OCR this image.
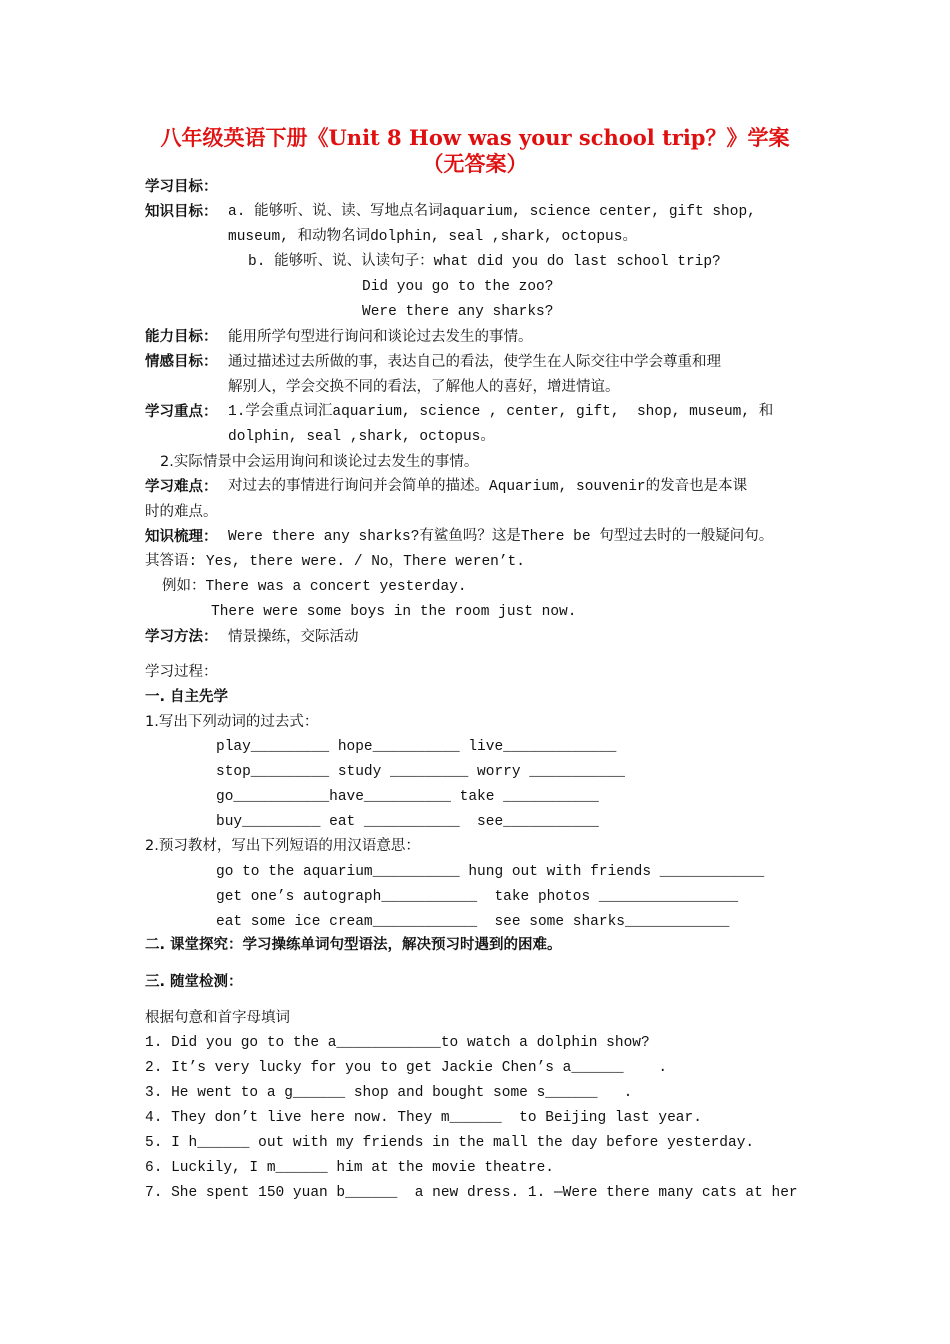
八年级英语下册《Unit 8 How was your school trip？》学案（无答案）
学习目标：
知识目标： a. 能够听、说、读、写地点名词aquarium, science center, gift shop,
museum, 和动物名词dolphin, seal ,shark, octopus。
b. 能够听、说、认读句子：what did you do last school trip?
Did you go to the zoo?
Were there any sharks?
能力目标： 能用所学句型进行询问和谈论过去发生的事情。
情感目标： 通过描述过去所做的事，表达自己的看法，使学生在人际交往中学会尊重和理
解别人，学会交换不同的看法，了解他人的喜好，增进情谊。
学习重点： 1.学会重点词汇aquarium, science , center, gift,  shop, museum, 和
dolphin, seal ,shark, octopus。
2.实际情景中会运用询问和谈论过去发生的事情。
学习难点： 对过去的事情进行询问并会简单的描述。Aquarium, souvenir的发音也是本课
时的难点。
知识梳理： Were there any sharks?有鲨鱼吗？这是There be 句型过去时的一般疑问句。
其答语: Yes, there were. / No，There weren’t.
例如：There was a concert yesterday.
There were some boys in the room just now.
学习方法： 情景操练，交际活动
学习过程：
一. 自主先学
1.写出下列动词的过去式：
play_________ hope__________ live_____________
stop_________ study _________ worry ___________
go___________have__________ take ___________
buy_________ eat ___________  see___________
2.预习教材，写出下列短语的用汉语意思：
go to the aquarium__________ hung out with friends ____________
get one’s autograph___________  take photos ________________
eat some ice cream____________  see some sharks____________
二. 课堂探究：学习操练单词句型语法，解决预习时遇到的困难。
三. 随堂检测：
根据句意和首字母填词
1. Did you go to the a____________to watch a dolphin show?
2. It’s very lucky for you to get Jackie Chen’s a______    .
3. He went to a g______ shop and bought some s______   .
4. They don’t live here now. They m______  to Beijing last year.
5. I h______ out with my friends in the mall the day before yesterday.
6. Luckily, I m______ him at the movie theatre.
7. She spent 150 yuan b______  a new dress. 1. —Were there many cats at her
